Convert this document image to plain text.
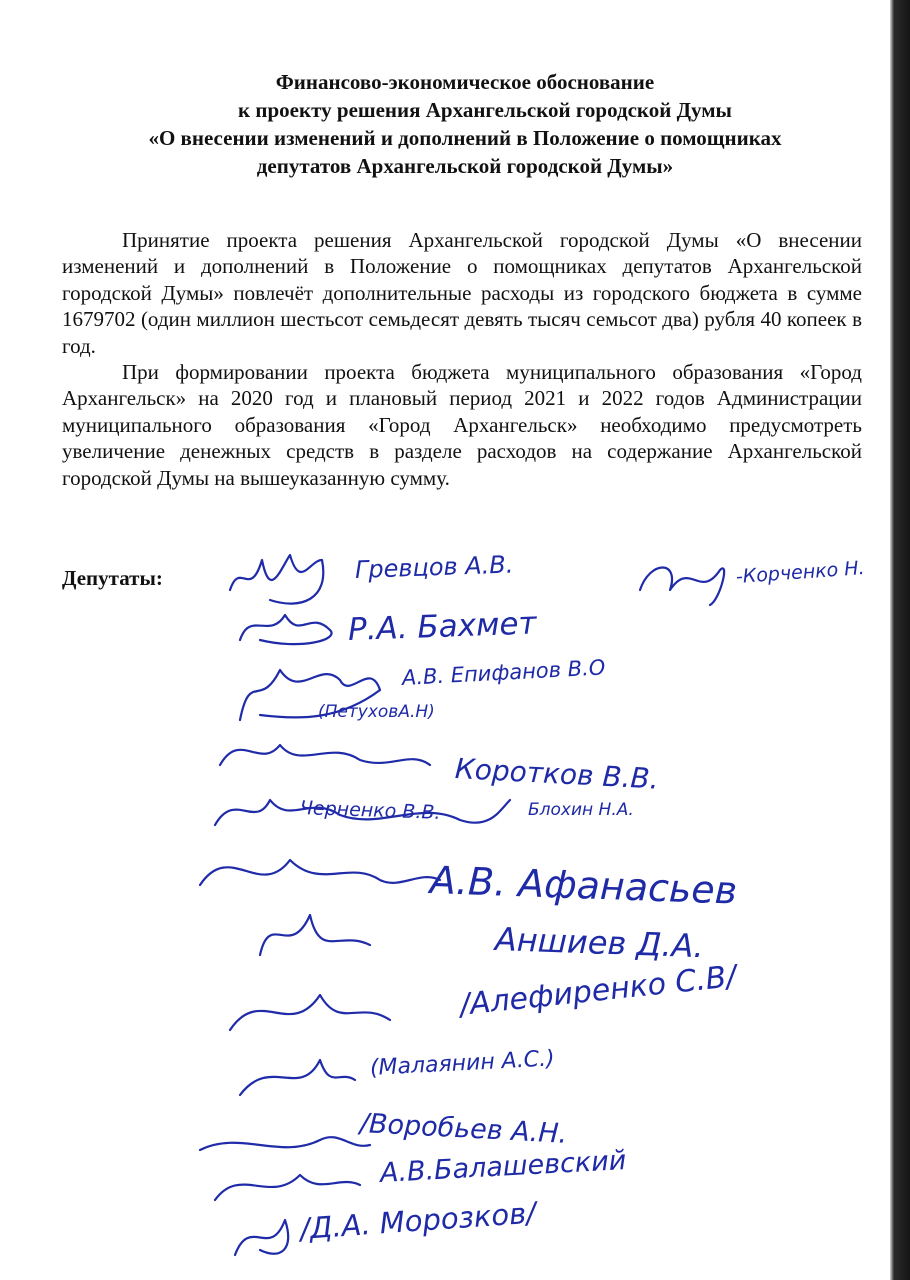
Финансово-экономическое обоснование
к проекту решения Архангельской городской Думы
«О внесении изменений и дополнений в Положение о помощниках
депутатов Архангельской городской Думы»

Принятие проекта решения Архангельской городской Думы «О внесении изменений и дополнений в Положение о помощниках депутатов Архангельской городской Думы» повлечёт дополнительные расходы из городского бюджета в сумме 1679702 (один миллион шестьсот семьдесят девять тысяч семьсот два) рубля 40 копеек в год.

При формировании проекта бюджета муниципального образования «Город Архангельск» на 2020 год и плановый период 2021 и 2022 годов Администрации муниципального образования «Город Архангельск» необходимо предусмотреть увеличение денежных средств в разделе расходов на содержание Архангельской городской Думы на вышеуказанную сумму.

Депутаты:	Гревцов А.В.	-Корченко Н.
Р.А. Бахмет
А.В. Епифанов В.О
(ПетуховА.Н)
Коротков В.В.
Черненко В.В.	Блохин Н.А.
А.В. Афанасьев
Аншиев Д.А.
/Алефиренко С.В/
(Малаянин А.С.)
/Воробьев А.Н.
А.В.Балашевский
/Д.А. Морозков/
